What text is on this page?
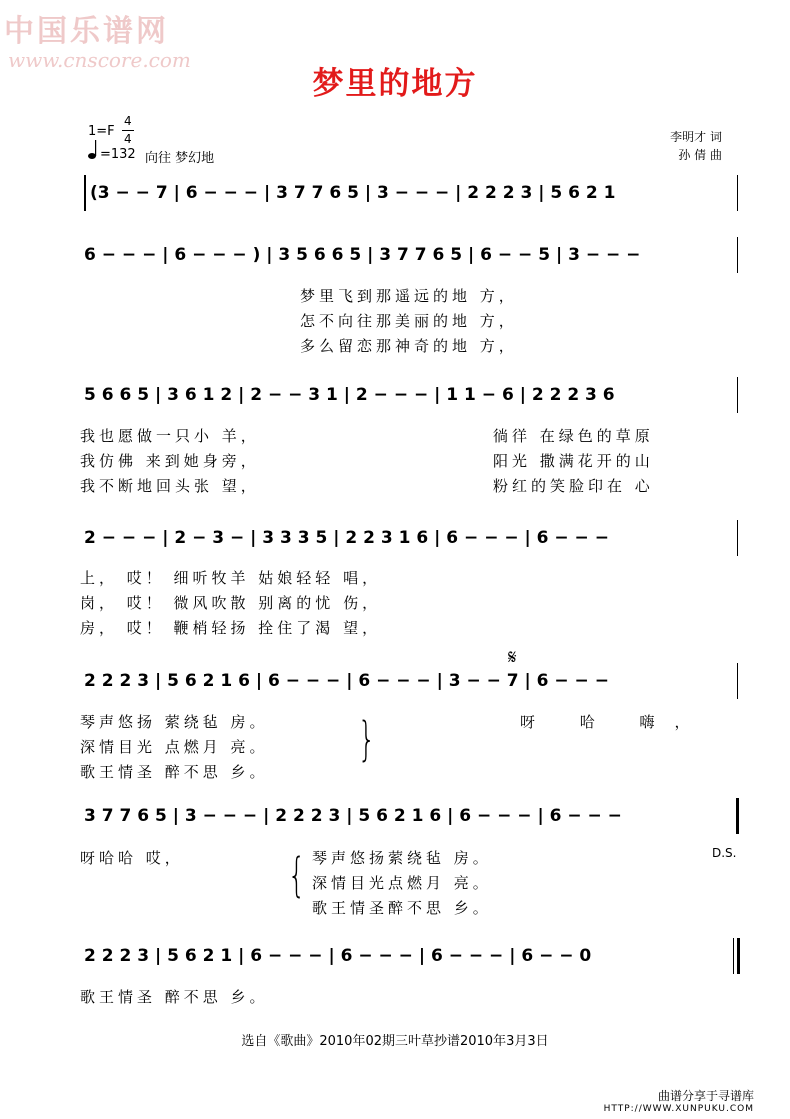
中国乐谱网
www.cnscore.com
梦里的地方
1=F
4
4
=132 向往 梦幻地
李明才 词
孙 倩 曲
(3 − − 7 | 6 − − − | 3 7 7 6 5 | 3 − − − | 2 2 2 3 | 5 6 2 1
6 − − − | 6 − − − ) | 3 5 6 6 5 | 3 7 7 6 5 | 6 − − 5 | 3 − − −
梦里飞到那遥远的地 方，
怎不向往那美丽的地 方，
多么留恋那神奇的地 方，
5 6 6 5 | 3 6 1 2 | 2 − − 3 1 | 2 − − − | 1 1 − 6 | 2 2 2 3 6
我也愿做一只小 羊，
我仿佛 来到她身旁，
我不断地回头张 望，
徜徉 在绿色的草原
阳光 撒满花开的山
粉红的笑脸印在 心
2 − − − | 2 − 3 − | 3 3 3 5 | 2 2 3 1 6 | 6 − − − | 6 − − −
上， 哎！ 细听牧羊 姑娘轻轻 唱，
岗， 哎！ 微风吹散 别离的忧 伤，
房， 哎！ 鞭梢轻扬 拴住了渴 望，
𝄋
2 2 2 3 | 5 6 2 1 6 | 6 − − − | 6 − − − | 3 − − 7 | 6 − − −
琴声悠扬 萦绕毡 房。
深情目光 点燃月 亮。
歌王情圣 醉不思 乡。
}	呀 哈 嗨，
3 7 7 6 5 | 3 − − − | 2 2 2 3 | 5 6 2 1 6 | 6 − − − | 6 − − −
呀哈哈 哎， { 琴声悠扬萦绕毡 房。
深情目光点燃月 亮。
歌王情圣醉不思 乡。
D.S.
2 2 2 3 | 5 6 2 1 | 6 − − − | 6 − − − | 6 − − − | 6 − − 0
歌王情圣 醉不思 乡。
选自《歌曲》2010年02期三叶草抄谱2010年3月3日
曲谱分享于寻谱库
HTTP://WWW.XUNPUKU.COM
